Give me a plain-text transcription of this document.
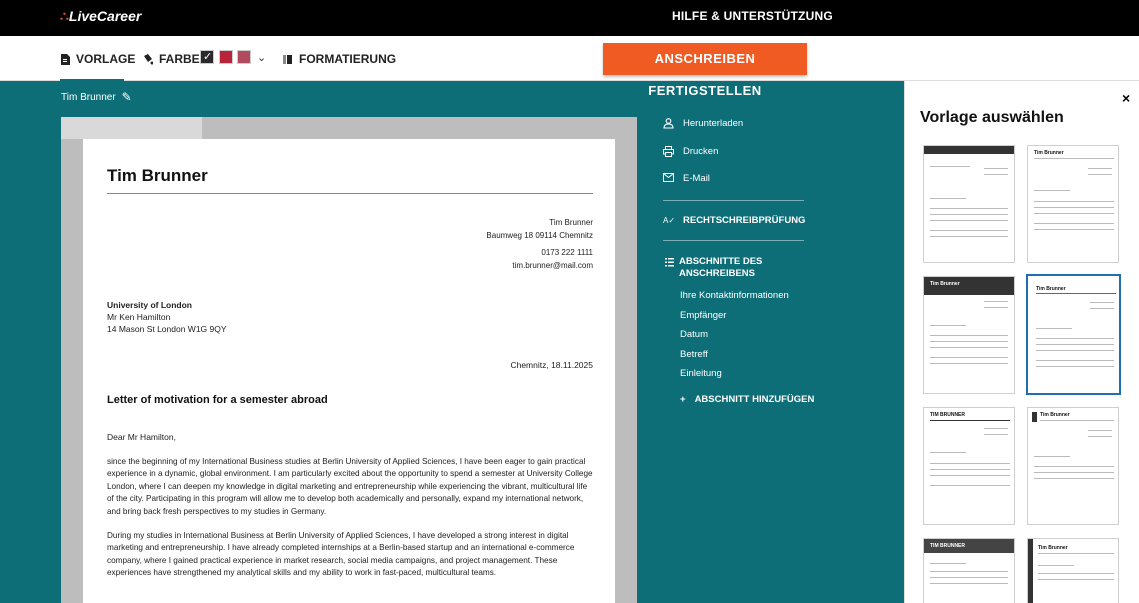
∴LiveCareer	HILFE & UNTERSTÜTZUNG
VORLAGE FARBE
✓	⌄	FORMATIERUNG	ANSCHREIBEN FERTIGSTELLEN
Tim Brunner ✎
Tim Brunner
Tim Brunner
Baumweg 18 09114 Chemnitz
0173 222 1111
tim.brunner@mail.com
University of London
Mr Ken Hamilton
14 Mason St London W1G 9QY
Chemnitz, 18.11.2025
Letter of motivation for a semester abroad
Dear Mr Hamilton,
since the beginning of my International Business studies at Berlin University of Applied Sciences, I have been eager to gain practical experience in a dynamic, global environment. I am particularly excited about the opportunity to spend a semester at University College London, where I can deepen my knowledge in digital marketing and entrepreneurship while experiencing the vibrant, multicultural life of the city. Participating in this program will allow me to develop both academically and personally, expand my international network, and bring back fresh perspectives to my studies in Germany.
During my studies in International Business at Berlin University of Applied Sciences, I have developed a strong interest in digital marketing and entrepreneurship. I have already completed internships at a Berlin-based startup and an international e-commerce company, where I gained practical experience in market research, social media campaigns, and project management. These experiences have strengthened my analytical skills and my ability to work in fast-paced, multicultural teams.
Herunterladen
Drucken
E-Mail
A✓ RECHTSCHREIBPRÜFUNG
ABSCHNITTE DES
ANSCHREIBENS
Ihre Kontaktinformationen
Empfänger
Datum
Betreff
Einleitung
+ ABSCHNITT HINZUFÜGEN
×
Vorlage auswählen
Tim Brunner
Tim Brunner
Tim Brunner
TIM BRUNNER	Tim Brunner
TIM BRUNNER	Tim Brunner
